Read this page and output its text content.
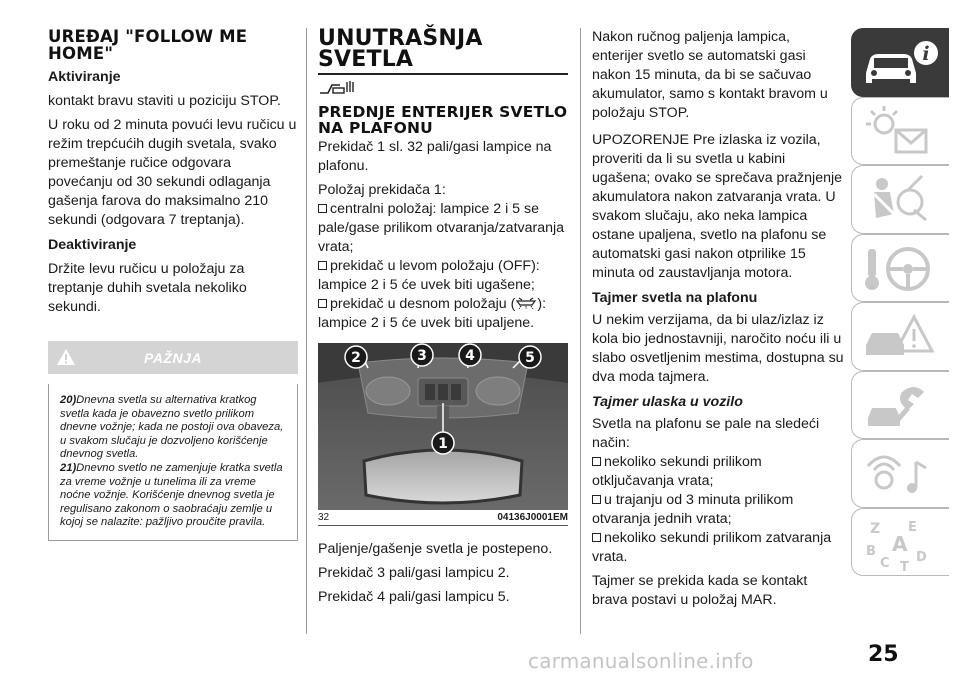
UREĐAJ "FOLLOW ME HOME"
Aktiviranje
kontakt bravu staviti u poziciju STOP.
U roku od 2 minuta povući levu ručicu u režim trepćućih dugih svetala, svako premeštanje ručice odgovara povećanju od 30 sekundi odlaganja gašenja farova do maksimalno 210 sekundi (odgovara 7 treptanja).
Deaktiviranje
Držite levu ručicu u položaju za treptanje duhih svetala nekoliko sekundi.
PAŽNJA
20)Dnevna svetla su alternativa kratkog svetla kada je obavezno svetlo prilikom dnevne vožnje; kada ne postoji ova obaveza, u svakom slučaju je dozvoljeno korišćenje dnevnog svetla.
21)Dnevno svetlo ne zamenjuje kratka svetla za vreme vožnje u tunelima ili za vreme noćne vožnje. Korišćenje dnevnog svetla je regulisano zakonom o saobraćaju zemlje u kojoj se nalazite: pažljivo proučite pravila.
UNUTRAŠNJA SVETLA
PREDNJE ENTERIJER SVETLO NA PLAFONU
Prekidač 1 sl. 32 pali/gasi lampice na plafonu.
Položaj prekidača 1:
centralni položaj: lampice 2 i 5 se pale/gase prilikom otvaranja/zatvaranja vrata;
prekidač u levom položaju (OFF): lampice 2 i 5 će uvek biti ugašene;
prekidač u desnom položaju ( ): lampice 2 i 5 će uvek biti upaljene.
2	3	4	5
1
32	04136J0001EM
Paljenje/gašenje svetla je postepeno.
Prekidač 3 pali/gasi lampicu 2.
Prekidač 4 pali/gasi lampicu 5.
Nakon ručnog paljenja lampica, enterijer svetlo se automatski gasi nakon 15 minuta, da bi se sačuvao akumulator, samo s kontakt bravom u položaju STOP.
UPOZORENJE Pre izlaska iz vozila, proveriti da li su svetla u kabini ugašena; ovako se sprečava pražnjenje akumulatora nakon zatvaranja vrata. U svakom slučaju, ako neka lampica ostane upaljena, svetlo na plafonu se automatski gasi nakon otprilike 15 minuta od zaustavljanja motora.
Tajmer svetla na plafonu
U nekim verzijama, da bi ulaz/izlaz iz kola bio jednostavniji, naročito noću ili u slabo osvetljenim mestima, dostupna su dva moda tajmera.
Tajmer ulaska u vozilo
Svetla na plafonu se pale na sledeći način:
nekoliko sekundi prilikom otključavanja vrata;
u trajanju od 3 minuta prilikom otvaranja jednih vrata;
nekoliko sekundi prilikom zatvaranja vrata.
Tajmer se prekida kada se kontakt brava postavi u položaj MAR.
i
Z E
A
B
C T
D
carmanualsonline.info	25
